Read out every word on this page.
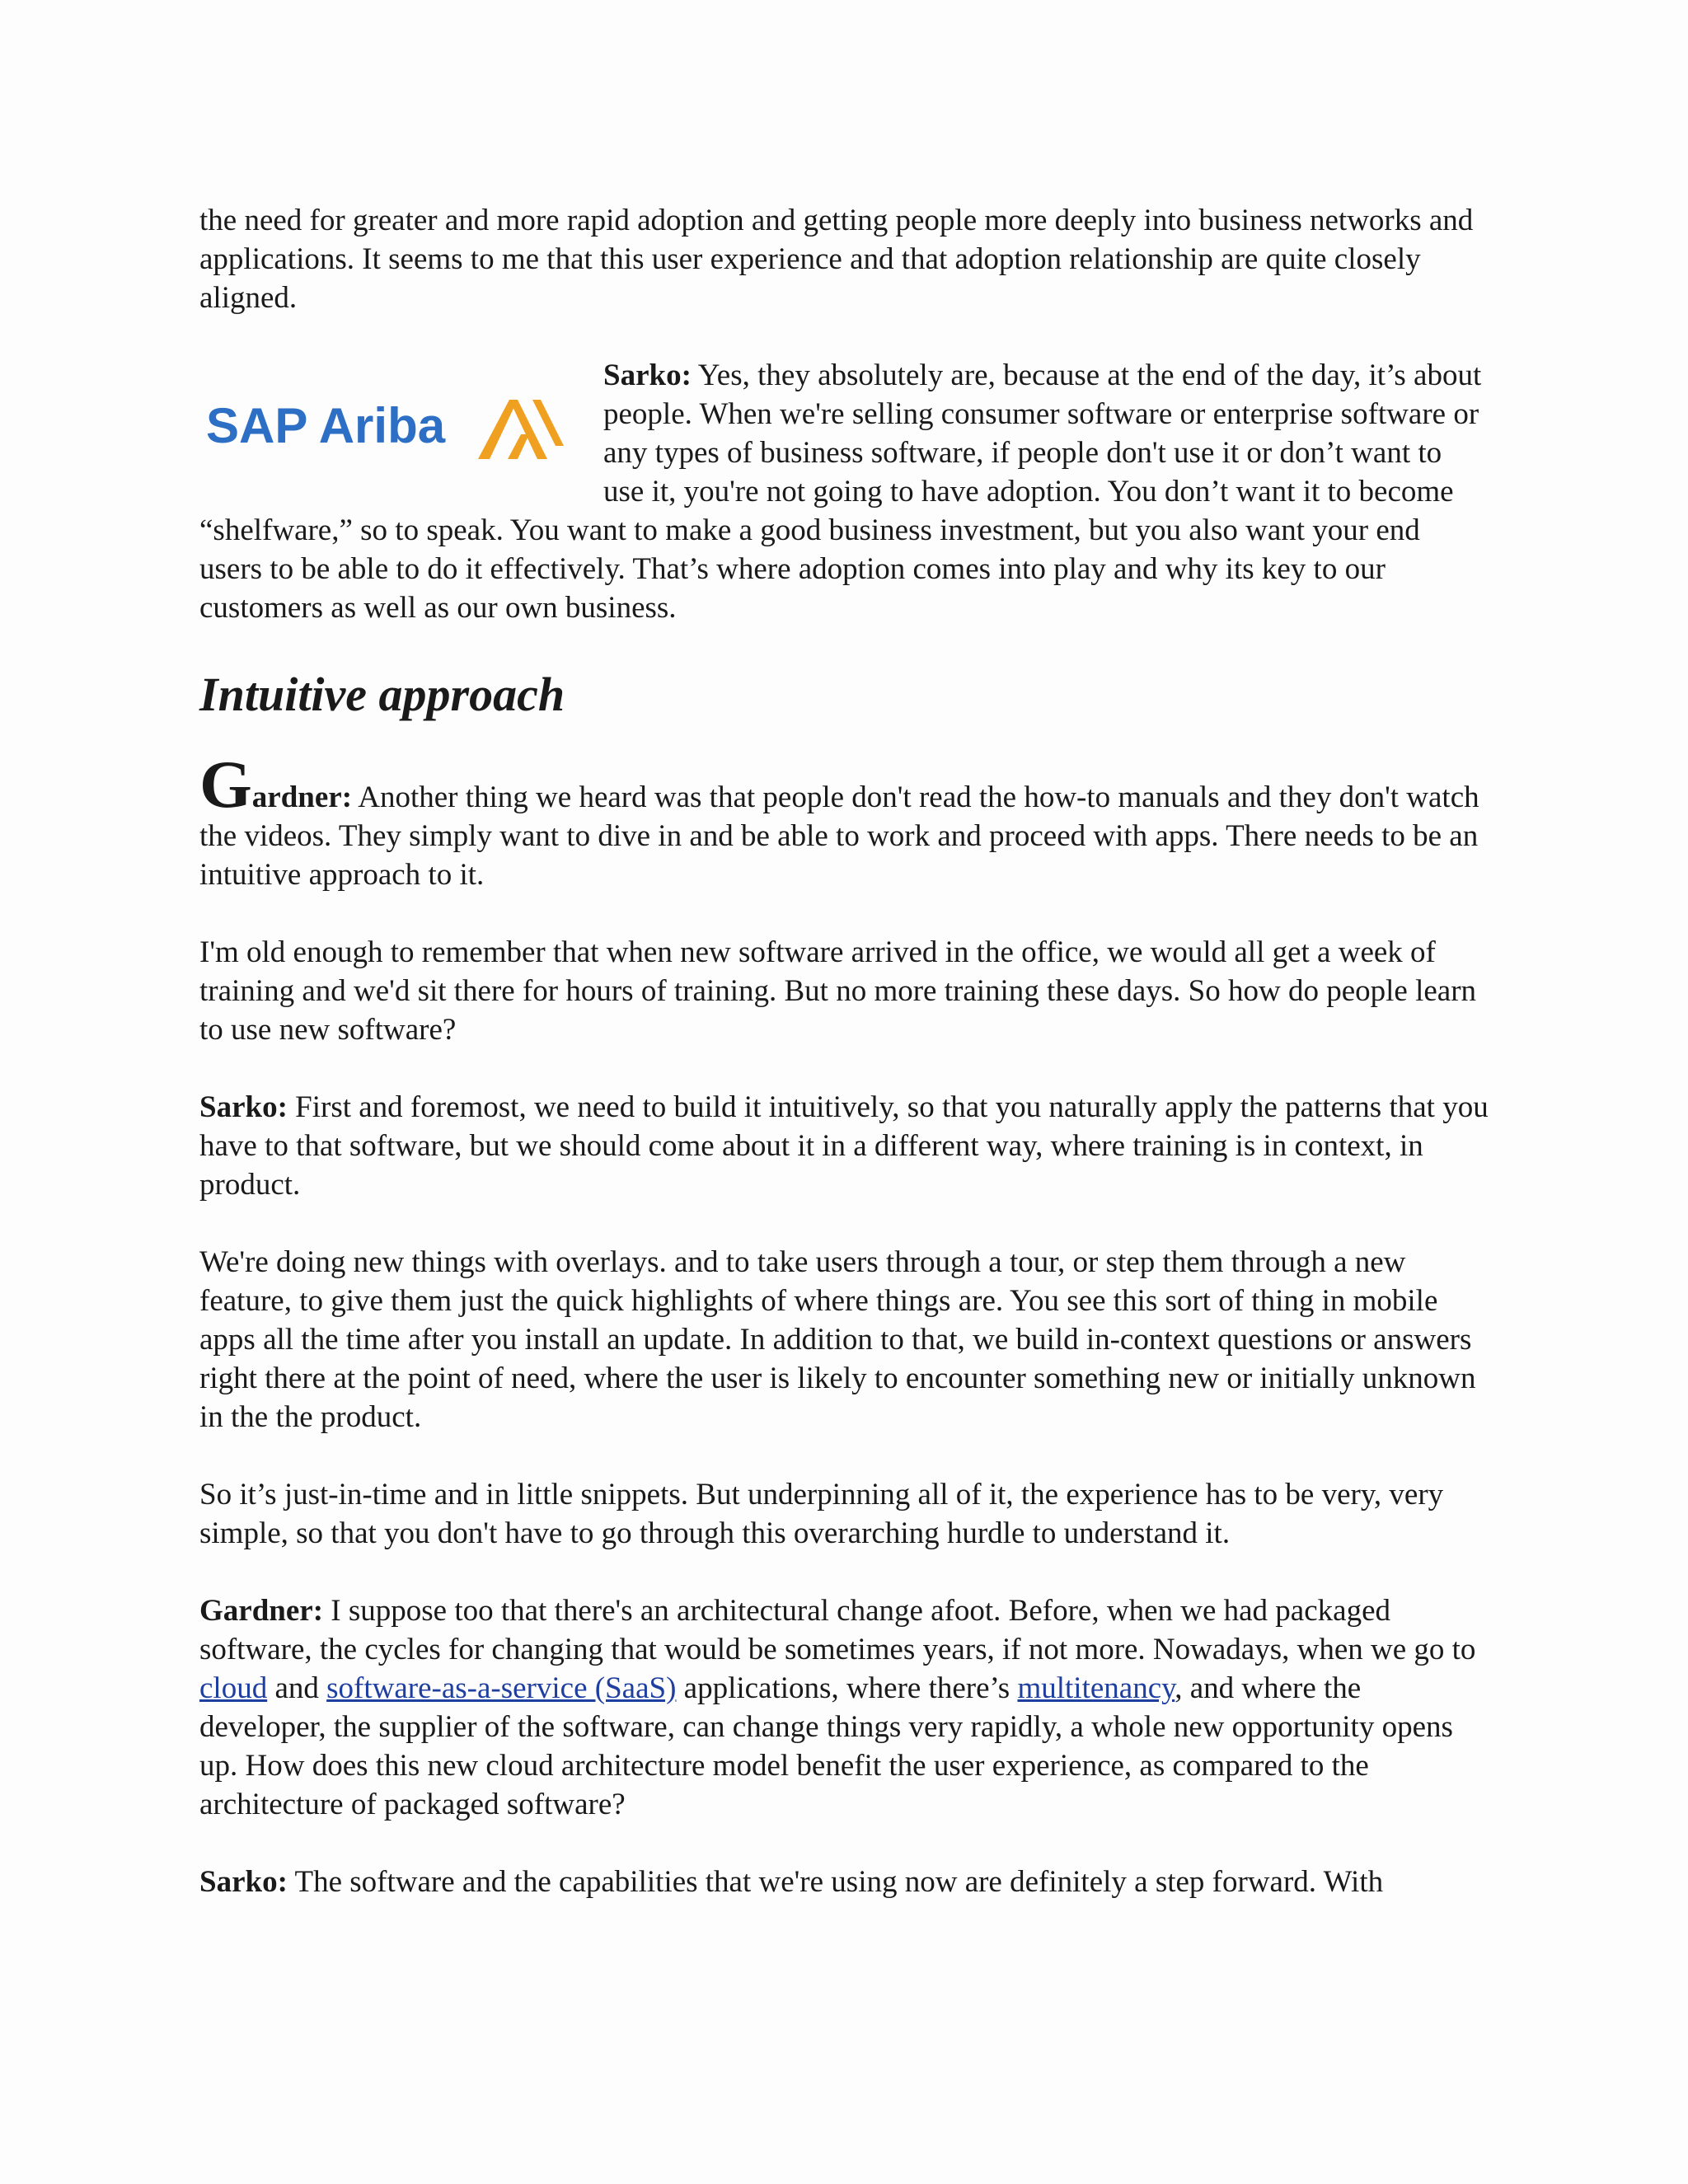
the need for greater and more rapid adoption and getting people more deeply into business networks and applications. It seems to me that this user experience and that adoption relationship are quite closely aligned.

SAP Ariba
Sarko: Yes, they absolutely are, because at the end of the day, it’s about people. When we're selling consumer software or enterprise software or any types of business software, if people don't use it or don’t want to use it, you're not going to have adoption. You don’t want it to become “shelfware,” so to speak. You want to make a good business investment, but you also want your end users to be able to do it effectively. That’s where adoption comes into play and why its key to our customers as well as our own business.

Intuitive approach

Gardner: Another thing we heard was that people don't read the how-to manuals and they don't watch the videos. They simply want to dive in and be able to work and proceed with apps. There needs to be an intuitive approach to it.

I'm old enough to remember that when new software arrived in the office, we would all get a week of training and we'd sit there for hours of training. But no more training these days. So how do people learn to use new software?

Sarko: First and foremost, we need to build it intuitively, so that you naturally apply the patterns that you have to that software, but we should come about it in a different way, where training is in context, in product.

We're doing new things with overlays. and to take users through a tour, or step them through a new feature, to give them just the quick highlights of where things are. You see this sort of thing in mobile apps all the time after you install an update. In addition to that, we build in-context questions or answers right there at the point of need, where the user is likely to encounter something new or initially unknown in the the product.

So it’s just-in-time and in little snippets. But underpinning all of it, the experience has to be very, very simple, so that you don't have to go through this overarching hurdle to understand it.

Gardner: I suppose too that there's an architectural change afoot. Before, when we had packaged software, the cycles for changing that would be sometimes years, if not more. Nowadays, when we go to cloud and software-as-a-service (SaaS) applications, where there’s multitenancy, and where the developer, the supplier of the software, can change things very rapidly, a whole new opportunity opens up. How does this new cloud architecture model benefit the user experience, as compared to the architecture of packaged software?

Sarko: The software and the capabilities that we're using now are definitely a step forward. With
